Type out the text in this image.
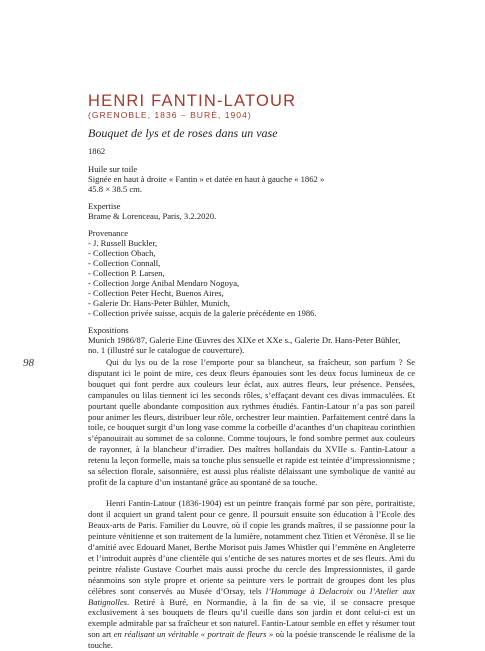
HENRI FANTIN-LATOUR
(GRENOBLE, 1836 – BURÉ, 1904)
Bouquet de lys et de roses dans un vase
1862
Huile sur toile
Signée en haut à droite « Fantin » et datée en haut à gauche « 1862 »
45.8 × 38.5 cm.
Expertise
Brame & Lorenceau, Paris, 3.2.2020.
Provenance
- J. Russell Buckler,
- Collection Obach,
- Collection Connall,
- Collection P. Larsen,
- Collection Jorge Anibal Mendaro Nogoya,
- Collection Peter Hecht, Buenos Aires,
- Galerie Dr. Hans-Peter Bühler, Munich,
- Collection privée suisse, acquis de la galerie précédente en 1986.
Expositions
Munich 1986/87, Galerie Eine Œuvres des XIXe et XXe s., Galerie Dr. Hans-Peter Bühler,
no. 1 (illustré sur le catalogue de couverture).
98	Qui du lys ou de la rose l’emporte pour sa blancheur, sa fraîcheur, son parfum ? Se disputant ici le point de mire, ces deux fleurs épanouies sont les deux focus lumineux de ce bouquet qui font perdre aux couleurs leur éclat, aux autres fleurs, leur présence. Pensées, campanules ou lilas tiennent ici les seconds rôles, s’effaçant devant ces divas immaculées. Et pourtant quelle abondante composition aux rythmes étudiés. Fantin-Latour n’a pas son pareil pour animer les fleurs, distribuer leur rôle, orchestrer leur maintien. Parfaitement centré dans la toile, ce bouquet surgit d’un long vase comme la corbeille d’acanthes d’un chapiteau corinthien s’épanouirait au sommet de sa colonne. Comme toujours, le fond sombre permet aux couleurs de rayonner, à la blancheur d’irradier. Des maîtres hollandais du XVIIe s. Fantin-Latour a retenu la leçon formelle, mais sa touche plus sensuelle et rapide est teintée d’impressionnisme ; sa sélection florale, saisonnière, est aussi plus réaliste délaissant une symbolique de vanité au profit de la capture d’un instantané grâce au spontané de sa touche.

Henri Fantin-Latour (1836-1904) est un peintre français formé par son père, portraitiste, dont il acquiert un grand talent pour ce genre. Il poursuit ensuite son éducation à l’Ecole des Beaux-arts de Paris. Familier du Louvre, où il copie les grands maîtres, il se passionne pour la peinture vénitienne et son traitement de la lumière, notamment chez Titien et Véronèse. Il se lie d’amitié avec Edouard Manet, Berthe Morisot puis James Whistler qui l’emmène en Angleterre et l’introduit auprès d’une clientèle qui s’entiche de ses natures mortes et de ses fleurs. Ami du peintre réaliste Gustave Courbet mais aussi proche du cercle des Impressionnistes, il garde néanmoins son style propre et oriente sa peinture vers le portrait de groupes dont les plus célèbres sont conservés au Musée d’Orsay, tels l’Hommage à Delacroix ou l’Atelier aux Batignolles. Retiré à Buré, en Normandie, à la fin de sa vie, il se consacre presque exclusivement à ses bouquets de fleurs qu’il cueille dans son jardin et dont celui-ci est un exemple admirable par sa fraîcheur et son naturel. Fantin-Latour semble en effet y résumer tout son art en réalisant un véritable « portrait de fleurs » où la poésie transcende le réalisme de la touche.
